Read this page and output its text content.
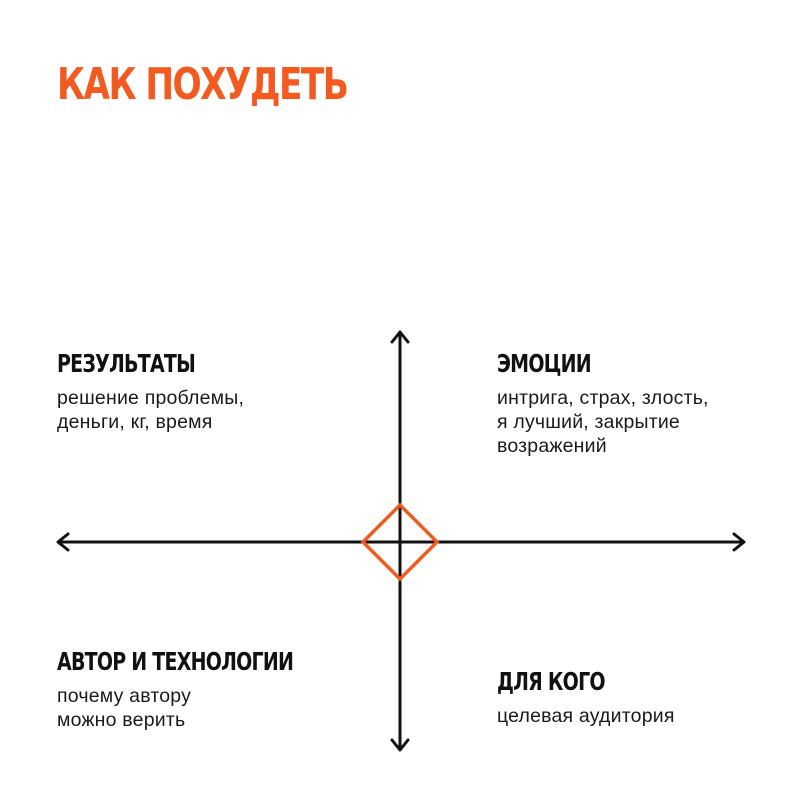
КАК ПОХУДЕТЬ
РЕЗУЛЬТАТЫ
решение проблемы,
деньги, кг, время
ЭМОЦИИ
интрига, страх, злость,
я лучший, закрытие
возражений
АВТОР И ТЕХНОЛОГИИ
почему автору
можно верить
ДЛЯ КОГО
целевая аудитория
